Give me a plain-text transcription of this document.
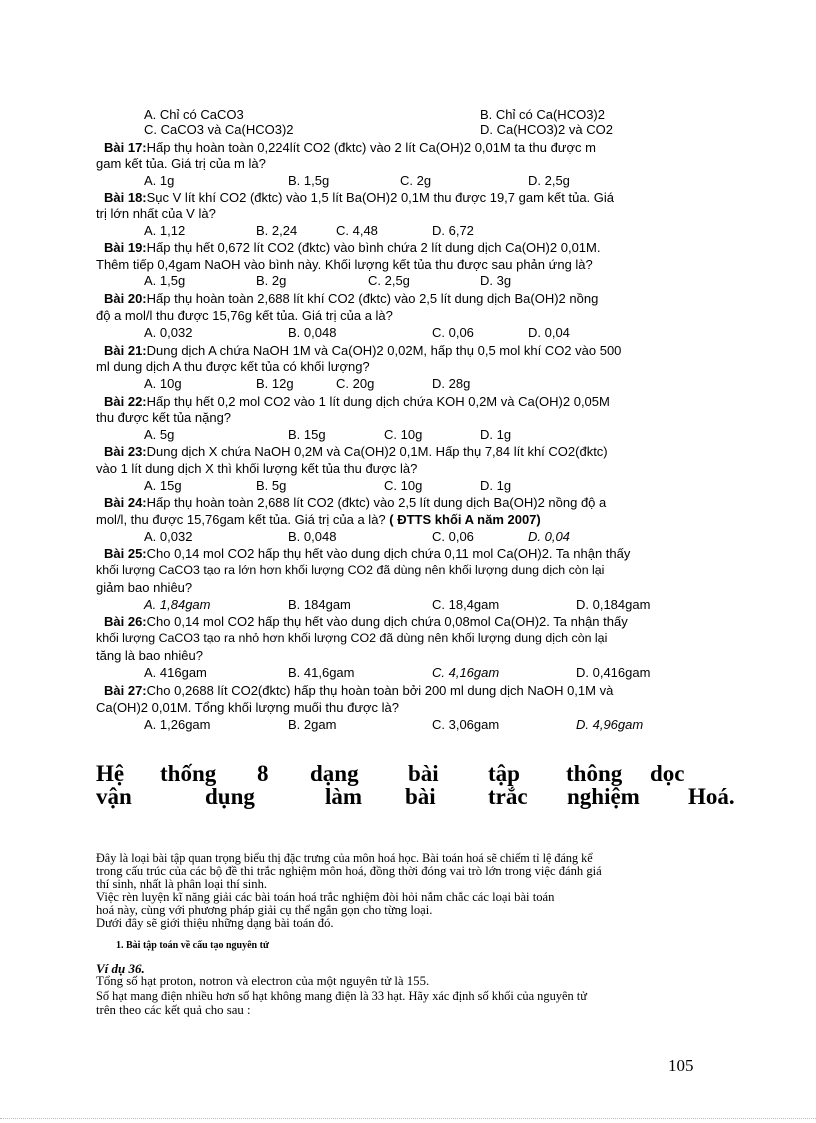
A. Chỉ có CaCO3	B. Chỉ có Ca(HCO3)2
C. CaCO3 và Ca(HCO3)2	D. Ca(HCO3)2 và CO2
Bài 17:Hấp thụ hoàn toàn 0,224lít CO2 (đktc) vào 2 lít Ca(OH)2 0,01M ta thu được m
gam kết tủa. Giá trị của m là?
A. 1g	B. 1,5g	C. 2g	D. 2,5g
Bài 18:Sục V lít khí CO2 (đktc) vào 1,5 lít Ba(OH)2 0,1M thu được 19,7 gam kết tủa. Giá
trị lớn nhất của V là?
A. 1,12	B. 2,24	C. 4,48	D. 6,72
Bài 19:Hấp thụ hết 0,672 lít CO2 (đktc) vào bình chứa 2 lít dung dịch Ca(OH)2 0,01M.
Thêm tiếp 0,4gam NaOH vào bình này. Khối lượng kết tủa thu được sau phản ứng là?
A. 1,5g	B. 2g	C. 2,5g	D. 3g
Bài 20:Hấp thụ hoàn toàn 2,688 lít khí CO2 (đktc) vào 2,5 lít dung dịch Ba(OH)2 nồng
độ a mol/l thu được 15,76g kết tủa. Giá trị của a là?
A. 0,032	B. 0,048	C. 0,06	D. 0,04
Bài 21:Dung dịch A chứa NaOH 1M và Ca(OH)2 0,02M, hấp thụ 0,5 mol khí CO2 vào 500
ml dung dịch A thu được kết tủa có khối lượng?
A. 10g	B. 12g	C. 20g	D. 28g
Bài 22:Hấp thụ hết 0,2 mol CO2 vào 1 lít dung dịch chứa KOH 0,2M và Ca(OH)2 0,05M
thu được kết tủa nặng?
A. 5g	B. 15g	C. 10g	D. 1g
Bài 23:Dung dịch X chứa NaOH 0,2M và Ca(OH)2 0,1M. Hấp thụ 7,84 lít khí CO2(đktc)
vào 1 lít dung dịch X thì khối lượng kết tủa thu được là?
A. 15g	B. 5g	C. 10g	D. 1g
Bài 24:Hấp thụ hoàn toàn 2,688 lít CO2 (đktc) vào 2,5 lít dung dịch Ba(OH)2 nồng độ a
mol/l, thu được 15,76gam kết tủa. Giá trị của a là? ( ĐTTS khối A năm 2007)
A. 0,032	B. 0,048	C. 0,06	D. 0,04
Bài 25:Cho 0,14 mol CO2 hấp thụ hết vào dung dịch chứa 0,11 mol Ca(OH)2. Ta nhận thấy
khối lượng CaCO3 tạo ra lớn hơn khối lượng CO2 đã dùng nên khối lượng dung dịch còn lại
giảm bao nhiêu?
A. 1,84gam	B. 184gam	C. 18,4gam	D. 0,184gam
Bài 26:Cho 0,14 mol CO2 hấp thụ hết vào dung dịch chứa 0,08mol Ca(OH)2. Ta nhận thấy
khối lượng CaCO3 tạo ra nhỏ hơn khối lượng CO2 đã dùng nên khối lượng dung dịch còn lại
tăng là bao nhiêu?
A. 416gam	B. 41,6gam	C. 4,16gam	D. 0,416gam
Bài 27:Cho 0,2688 lít CO2(đktc) hấp thụ hoàn toàn bởi 200 ml dung dịch NaOH 0,1M và
Ca(OH)2 0,01M. Tổng khối lượng muối thu được là?
A. 1,26gam	B. 2gam	C. 3,06gam	D. 4,96gam
Hệ thống 8 dạng bài tập thông dọc
vận	dụng	làm bài trắc nghiệm Hoá.
Đây là loại bài tập quan trọng biểu thị đặc trưng của môn hoá học. Bài toán hoá sẽ chiếm tỉ lệ đáng kể
trong cấu trúc của các bộ đề thi trắc nghiệm môn hoá, đồng thời đóng vai trò lớn trong việc đánh giá
thí sinh, nhất là phân loại thí sinh.
Việc rèn luyện kĩ năng giải các bài toán hoá trắc nghiệm đòi hỏi nắm chắc các loại bài toán
hoá này, cùng với phương pháp giải cụ thể ngắn gọn cho từng loại.
Dưới đây sẽ giới thiệu những dạng bài toán đó.
1. Bài tập toán về cấu tạo nguyên tử
Ví dụ 36.
Tổng số hạt proton, notron và electron của một nguyên tử là 155.
Số hạt mang điện nhiều hơn số hạt không mang điện là 33 hạt. Hãy xác định số khối của nguyên tử
trên theo các kết quả cho sau :
105
